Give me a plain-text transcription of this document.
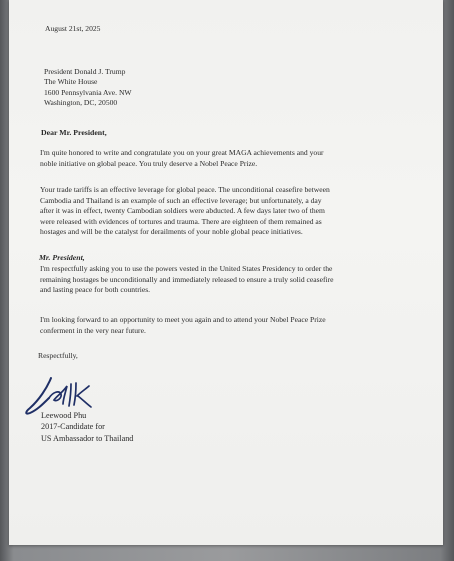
August 21st, 2025

President Donald J. Trump
The White House
1600 Pennsylvania Ave. NW
Washington, DC, 20500

Dear Mr. President,

I'm quite honored to write and congratulate you on your great MAGA achievements and your
noble initiative on global peace. You truly deserve a Nobel Peace Prize.
Your trade tariffs is an effective leverage for global peace. The unconditional ceasefire between
Cambodia and Thailand is an example of such an effective leverage; but unfortunately, a day
after it was in effect, twenty Cambodian soldiers were abducted. A few days later two of them
were released with evidences of tortures and trauma. There are eighteen of them remained as
hostages and will be the catalyst for derailments of your noble global peace initiatives.

Mr. President,

I'm respectfully asking you to use the powers vested in the United States Presidency to order the
remaining hostages be unconditionally and immediately released to ensure a truly solid ceasefire
and lasting peace for both countries.
I'm looking forward to an opportunity to meet you again and to attend your Nobel Peace Prize
conferment in the very near future.

Respectfully,

Leewood Phu
2017-Candidate for
US Ambassador to Thailand
